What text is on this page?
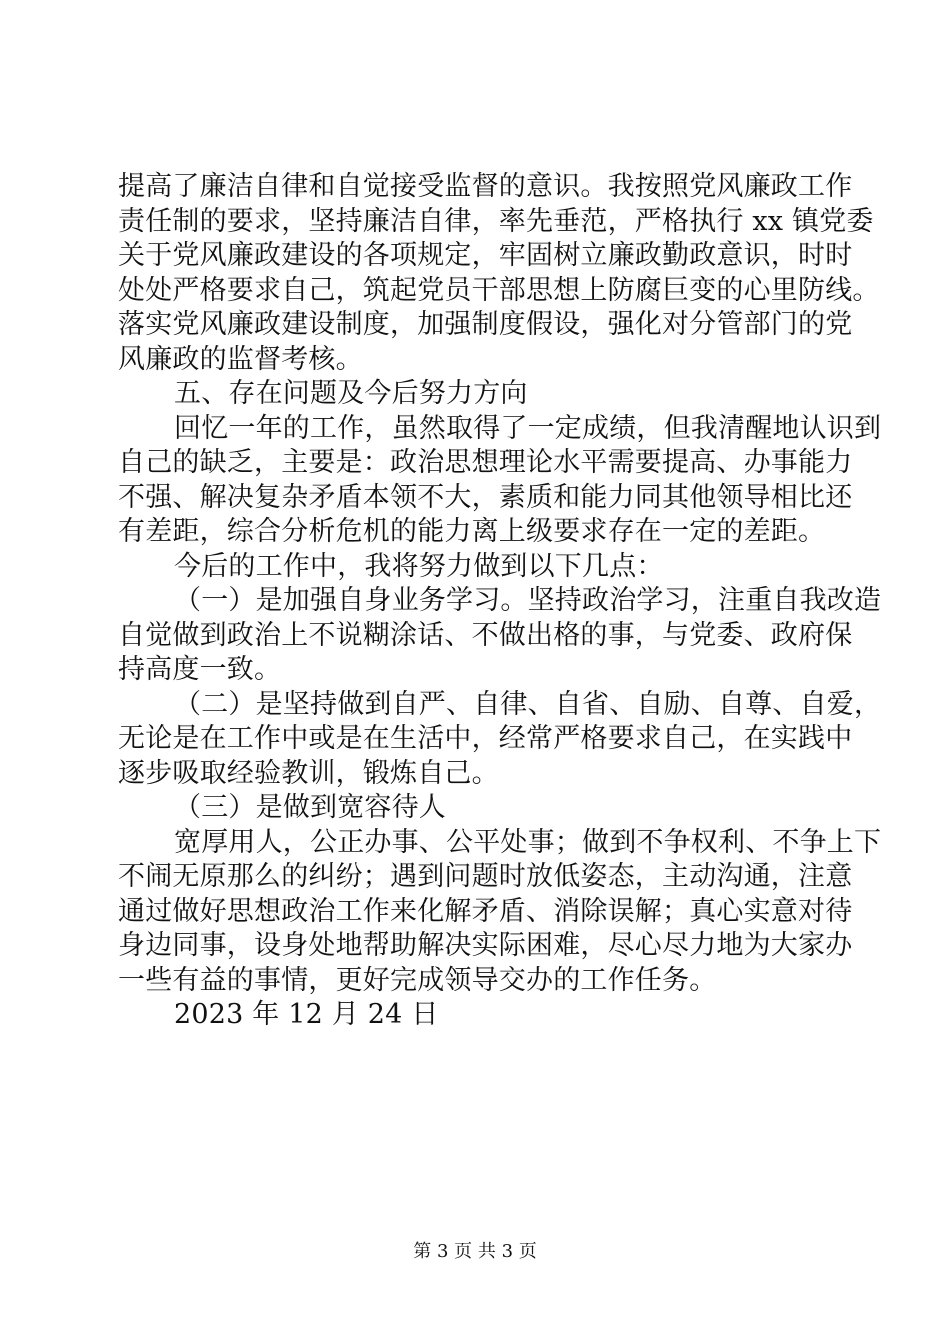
提高了廉洁自律和自觉接受监督的意识。我按照党风廉政工作
责任制的要求，坚持廉洁自律，率先垂范，严格执行 xx 镇党委
关于党风廉政建设的各项规定，牢固树立廉政勤政意识，时时
处处严格要求自己，筑起党员干部思想上防腐巨变的心里防线。
落实党风廉政建设制度，加强制度假设，强化对分管部门的党
风廉政的监督考核。

五、存在问题及今后努力方向

回忆一年的工作，虽然取得了一定成绩，但我清醒地认识到
自己的缺乏，主要是：政治思想理论水平需要提高、办事能力
不强、解决复杂矛盾本领不大，素质和能力同其他领导相比还
有差距，综合分析危机的能力离上级要求存在一定的差距。

今后的工作中，我将努力做到以下几点：

（一）是加强自身业务学习。坚持政治学习，注重自我改造
自觉做到政治上不说糊涂话、不做出格的事，与党委、政府保
持高度一致。

（二）是坚持做到自严、自律、自省、自励、自尊、自爱，
无论是在工作中或是在生活中，经常严格要求自己，在实践中
逐步吸取经验教训，锻炼自己。

（三）是做到宽容待人

宽厚用人，公正办事、公平处事；做到不争权利、不争上下
不闹无原那么的纠纷；遇到问题时放低姿态，主动沟通，注意
通过做好思想政治工作来化解矛盾、消除误解；真心实意对待
身边同事，设身处地帮助解决实际困难，尽心尽力地为大家办
一些有益的事情，更好完成领导交办的工作任务。

2023 年 12 月 24 日

第 3 页 共 3 页
